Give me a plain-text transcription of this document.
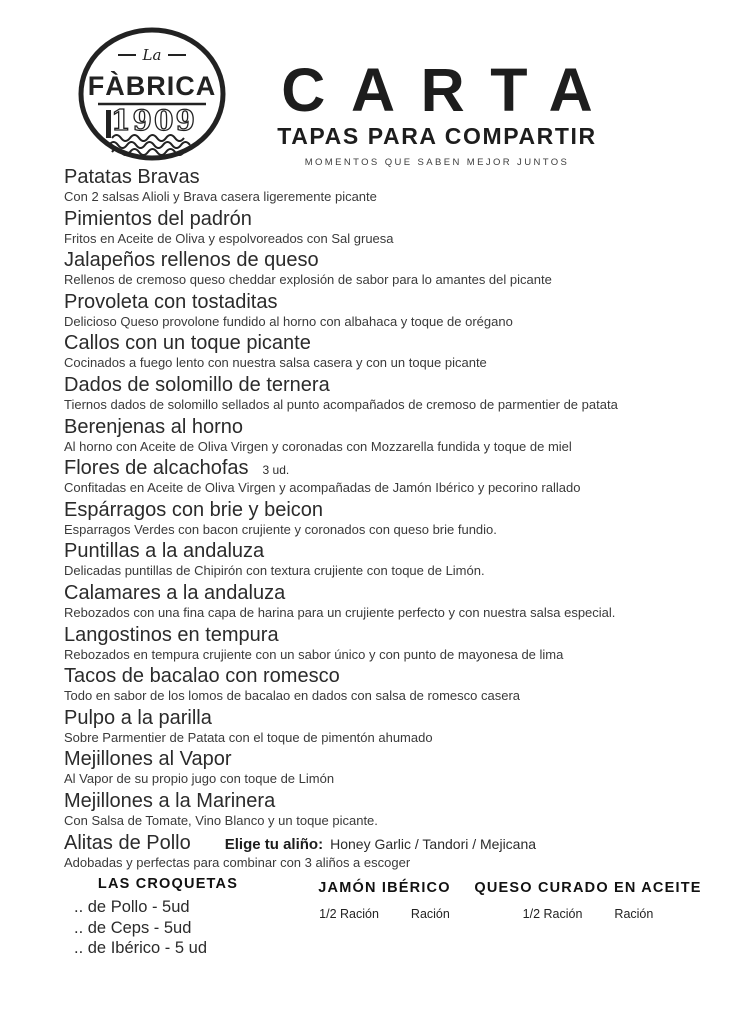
La
FÀBRICA
1909	CARTA
TAPAS PARA COMPARTIR
MOMENTOS QUE SABEN MEJOR JUNTOS
Patatas Bravas
Con 2 salsas Alioli y Brava casera ligeremente picante
Pimientos del padrón
Fritos en Aceite de Oliva y espolvoreados con Sal gruesa
Jalapeños rellenos de queso
Rellenos de cremoso queso cheddar explosión de sabor para lo amantes del picante
Provoleta con tostaditas
Delicioso Queso provolone fundido al horno con albahaca y toque de orégano
Callos con un toque picante
Cocinados a fuego lento con nuestra salsa casera y con un toque picante
Dados de solomillo de ternera
Tiernos dados de solomillo sellados al punto acompañados de cremoso de parmentier de patata
Berenjenas al horno
Al horno con Aceite de Oliva Virgen y coronadas con Mozzarella fundida y toque de miel
Flores de alcachofas 3 ud.
Confitadas en Aceite de Oliva Virgen y acompañadas de Jamón Ibérico y pecorino rallado
Espárragos con brie y beicon
Esparragos Verdes con bacon crujiente y coronados con queso brie fundio.
Puntillas a la andaluza
Delicadas puntillas de Chipirón con textura crujiente con toque de Limón.
Calamares a la andaluza
Rebozados con una fina capa de harina para un crujiente perfecto y con nuestra salsa especial.
Langostinos en tempura
Rebozados en tempura crujiente con un sabor único y con punto de mayonesa de lima
Tacos de bacalao con romesco
Todo en sabor de los lomos de bacalao en dados con salsa de romesco casera
Pulpo a la parilla
Sobre Parmentier de Patata con el toque de pimentón ahumado
Mejillones al Vapor
Al Vapor de su propio jugo con toque de Limón
Mejillones a la Marinera
Con Salsa de Tomate, Vino Blanco y un toque picante.
Alitas de Pollo Elige tu aliño: Honey Garlic / Tandori / Mejicana
Adobadas y perfectas para combinar con 3 aliños a escoger
LAS CROQUETAS
.. de Pollo - 5ud
.. de Ceps - 5ud
.. de Ibérico - 5 ud
JAMÓN IBÉRICO
1/2 Ración	Ración
QUESO CURADO EN ACEITE
1/2 Ración	Ración
